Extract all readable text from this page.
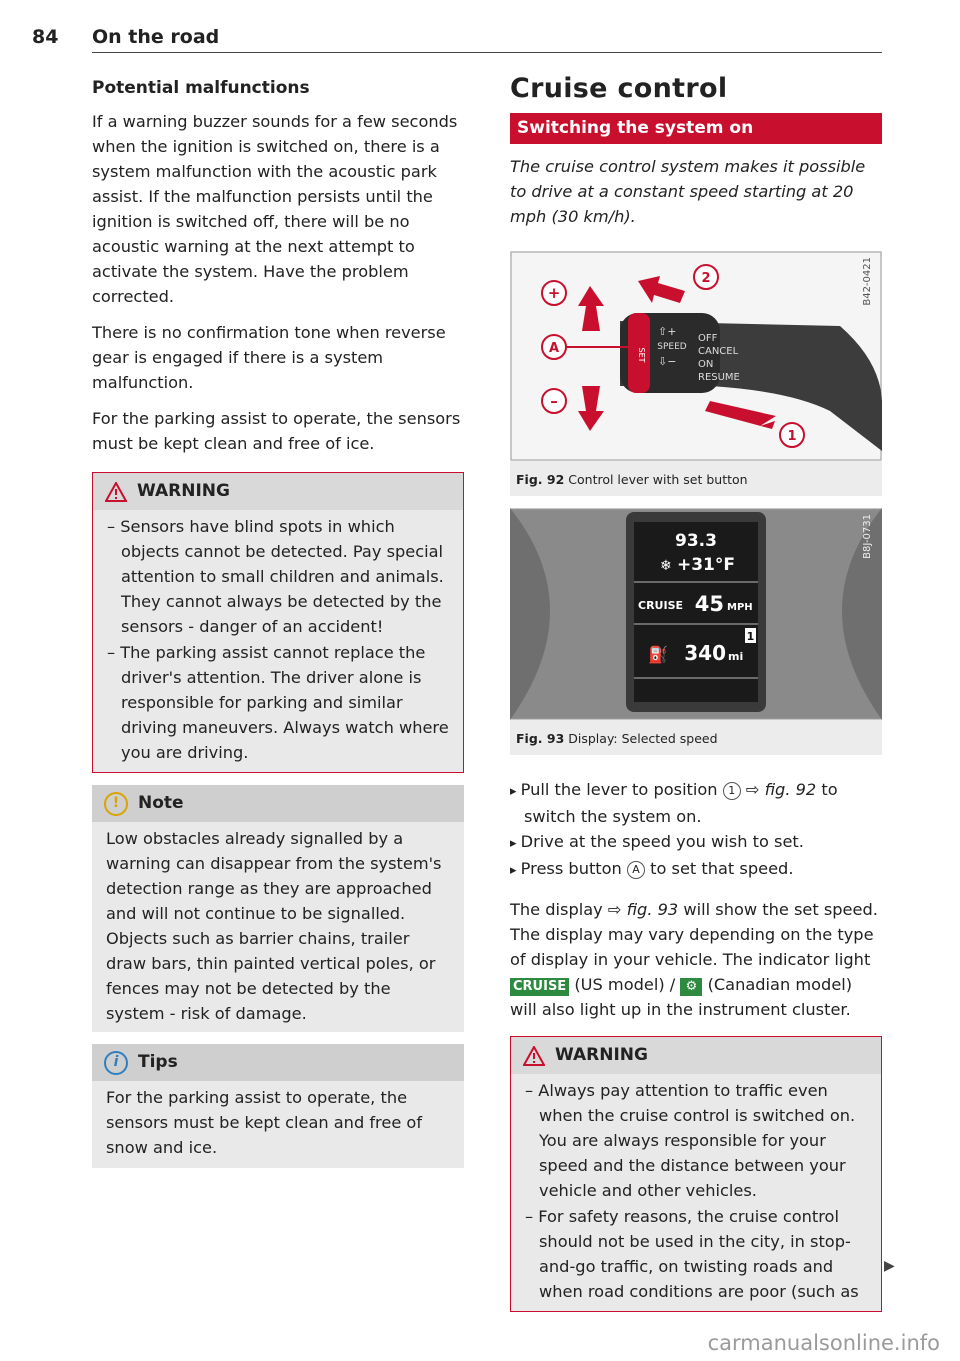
84 On the road
Potential malfunctions

If a warning buzzer sounds for a few seconds when the ignition is switched on, there is a system malfunction with the acoustic park assist. If the malfunction persists until the ignition is switched off, there will be no acoustic warning at the next attempt to activate the system. Have the problem corrected.

There is no confirmation tone when reverse gear is engaged if there is a system malfunction.

For the parking assist to operate, the sensors must be kept clean and free of ice.

WARNING
– Sensors have blind spots in which objects cannot be detected. Pay special attention to small children and animals. They cannot always be detected by the sensors - danger of an accident!
– The parking assist cannot replace the driver's attention. The driver alone is responsible for parking and similar driving maneuvers. Always watch where you are driving.
!	Note

Low obstacles already signalled by a warning can disappear from the system's detection range as they are approached and will not continue to be signalled. Objects such as barrier chains, trailer draw bars, thin painted vertical poles, or fences may not be detected by the system - risk of damage.

i	Tips

For the parking assist to operate, the sensors must be kept clean and free of snow and ice.

Cruise control
Switching the system on

The cruise control system makes it possible to drive at a constant speed starting at 20 mph (30 km/h).

+
A
–
2
1
SET
SPEED
⇧+
⇩−
OFF
CANCEL
ON
RESUME
B42-0421
Fig. 92 Control lever with set button
93.3
❄ +31°F
CRUISE 45 MPH
1
⛽ 340 mi
B8J-0731
Fig. 93 Display: Selected speed
▸ Pull the lever to position 1 ⇨ fig. 92 to switch the system on.
▸ Drive at the speed you wish to set.
▸ Press button A to set that speed.

The display ⇨ fig. 93 will show the set speed. The display may vary depending on the type of display in your vehicle. The indicator light CRUISE (US model) / ⚙ (Canadian model) will also light up in the instrument cluster.

WARNING
– Always pay attention to traffic even when the cruise control is switched on. You are always responsible for your speed and the distance between your vehicle and other vehicles.
– For safety reasons, the cruise control should not be used in the city, in stop-and-go traffic, on twisting roads and when road conditions are poor (such as
▶
carmanualsonline.info
